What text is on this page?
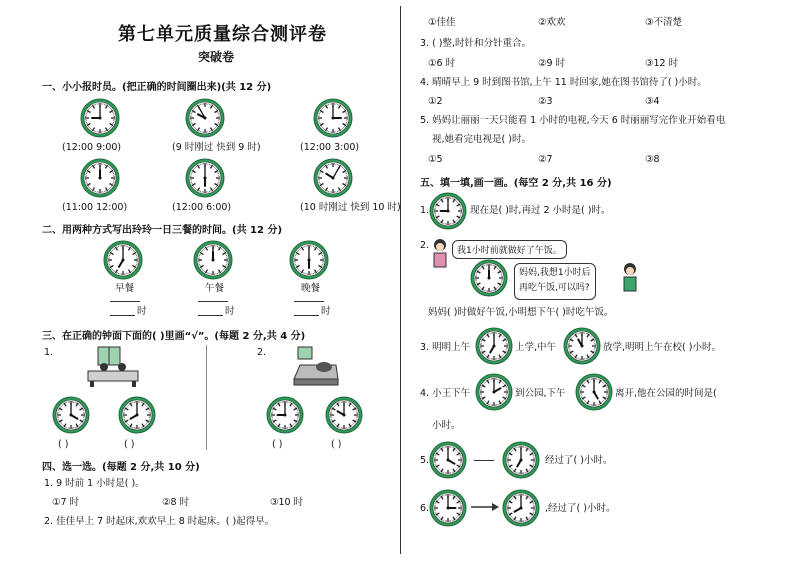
第七单元质量综合测评卷
突破卷
一、小小报时员。(把正确的时间圈出来)(共 12 分)
(12:00 9:00)	(9 时刚过 快到 9 时)	(12:00 3:00)
(11:00 12:00)	(12:00 6:00)	(10 时刚过 快到 10 时)
二、用两种方式写出玲玲一日三餐的时间。(共 12 分)
早餐	午餐	晚餐
时	时	时
三、在正确的钟面下面的( )里画“√”。(每题 2 分,共 4 分)
1.	2.
( )	( )	( )	( )
四、选一选。(每题 2 分,共 10 分)
1. 9 时前 1 小时是( )。
①7 时	②8 时	③10 时
2. 佳佳早上 7 时起床,欢欢早上 8 时起床。( )起得早。
①佳佳	②欢欢	③不清楚
3. ( )整,时针和分针重合。
①6 时	②9 时	③12 时
4. 晴晴早上 9 时到图书馆,上午 11 时回家,她在图书馆待了( )小时。
①2	②3	③4
5. 妈妈让丽丽一天只能看 1 小时的电视,今天 6 时丽丽写完作业开始看电
视,她看完电视是( )时。
①5	②7	③8
五、填一填,画一画。(每空 2 分,共 16 分)
1.	现在是( )时,再过 2 小时是( )时。
2.	我1小时前就做好了午饭。
妈妈,我想1小时后
再吃午饭,可以吗?
妈妈( )时做好午饭,小明想下午( )时吃午饭。
3. 明明上午	上学,中午	放学,明明上午在校( )小时。
4. 小王下午	到公园,下午	离开,他在公园的时间是(
小时。
5.	经过了( )小时。
6.	,经过了( )小时。
